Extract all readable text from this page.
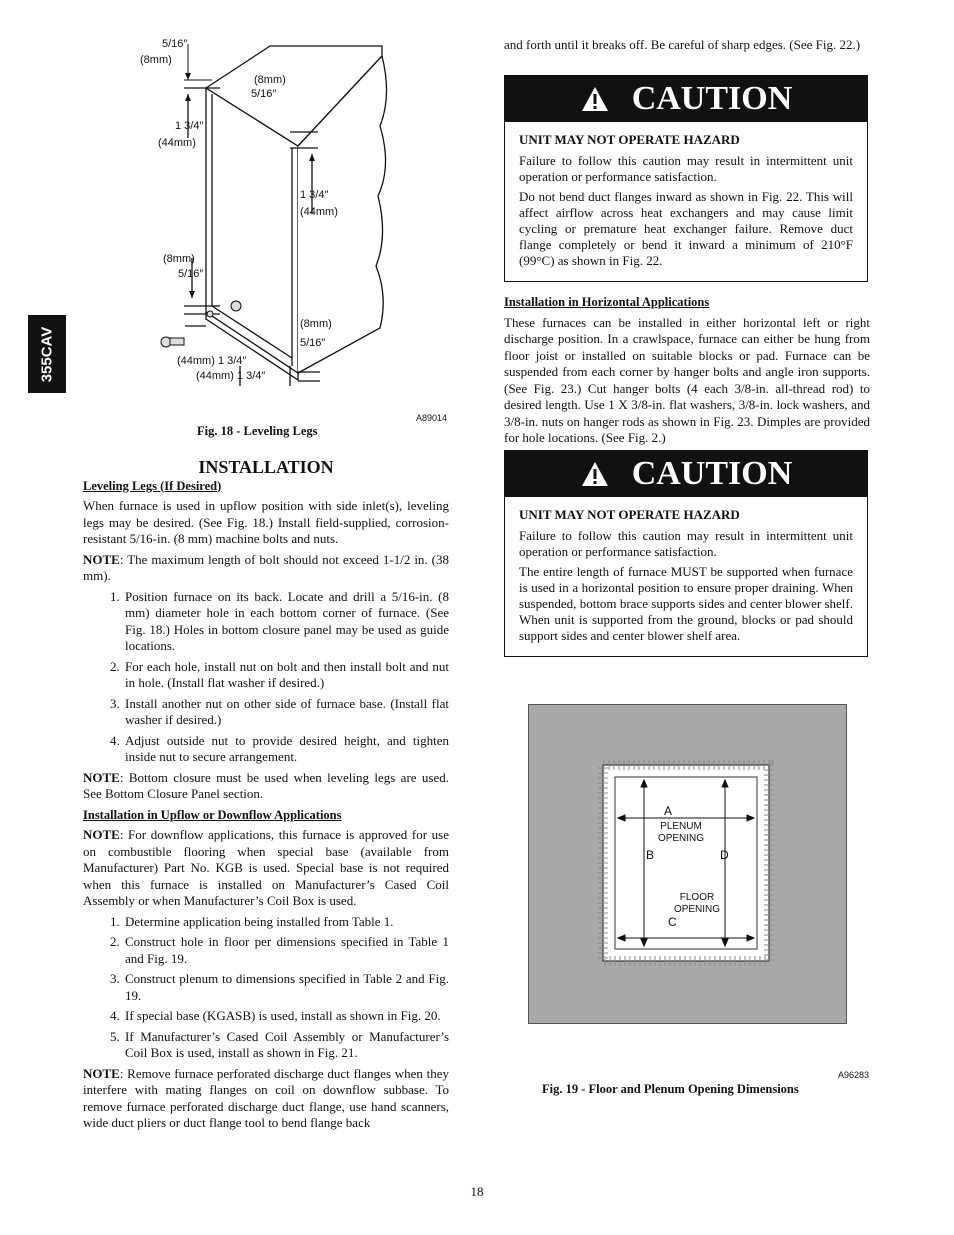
355CAV
5/16″
(8mm)
(8mm)
5/16″
1 3/4″
(44mm)
1 3/4″
(44mm)
(8mm)
5/16″
(8mm)
5/16″
(44mm) 1 3/4″
(44mm) 1 3/4″
A89014
Fig. 18 - Leveling Legs
INSTALLATION
Leveling Legs (If Desired)

When furnace is used in upflow position with side inlet(s), leveling legs may be desired. (See Fig. 18.) Install field-supplied, corrosion-resistant 5/16-in. (8 mm) machine bolts and nuts.

NOTE: The maximum length of bolt should not exceed 1-1/2 in. (38 mm).

1. Position furnace on its back. Locate and drill a 5/16-in. (8 mm) diameter hole in each bottom corner of furnace. (See Fig. 18.) Holes in bottom closure panel may be used as guide locations.
2. For each hole, install nut on bolt and then install bolt and nut in hole. (Install flat washer if desired.)
3. Install another nut on other side of furnace base. (Install flat washer if desired.)
4. Adjust outside nut to provide desired height, and tighten inside nut to secure arrangement.

NOTE: Bottom closure must be used when leveling legs are used. See Bottom Closure Panel section.

Installation in Upflow or Downflow Applications

NOTE: For downflow applications, this furnace is approved for use on combustible flooring when special base (available from Manufacturer) Part No. KGB is used. Special base is not required when this furnace is installed on Manufacturer’s Cased Coil Assembly or when Manufacturer’s Coil Box is used.

1. Determine application being installed from Table 1.
2. Construct hole in floor per dimensions specified in Table 1 and Fig. 19.
3. Construct plenum to dimensions specified in Table 2 and Fig. 19.
4. If special base (KGASB) is used, install as shown in Fig. 20.
5. If Manufacturer’s Cased Coil Assembly or Manufacturer’s Coil Box is used, install as shown in Fig. 21.

NOTE: Remove furnace perforated discharge duct flanges when they interfere with mating flanges on coil on downflow subbase. To remove furnace perforated discharge duct flange, use hand scanners, wide duct pliers or duct flange tool to bend flange back

and forth until it breaks off. Be careful of sharp edges. (See Fig. 22.)

CAUTION

UNIT MAY NOT OPERATE HAZARD

Failure to follow this caution may result in intermittent unit operation or performance satisfaction.

Do not bend duct flanges inward as shown in Fig. 22. This will affect airflow across heat exchangers and may cause limit cycling or premature heat exchanger failure. Remove duct flange completely or bend it inward a minimum of 210°F (99°C) as shown in Fig. 22.

Installation in Horizontal Applications

These furnaces can be installed in either horizontal left or right discharge position. In a crawlspace, furnace can either be hung from floor joist or installed on suitable blocks or pad. Furnace can be suspended from each corner by hanger bolts and angle iron supports. (See Fig. 23.) Cut hanger bolts (4 each 3/8-in. all-thread rod) to desired length. Use 1 X 3/8-in. flat washers, 3/8-in. lock washers, and 3/8-in. nuts on hanger rods as shown in Fig. 23. Dimples are provided for hole locations. (See Fig. 2.)

CAUTION

UNIT MAY NOT OPERATE HAZARD

Failure to follow this caution may result in intermittent unit operation or performance satisfaction.

The entire length of furnace MUST be supported when furnace is used in a horizontal position to ensure proper draining. When suspended, bottom brace supports sides and center blower shelf. When unit is supported from the ground, blocks or pad should support sides and center blower shelf area.

A
PLENUM
OPENING
B	D
FLOOR
OPENING
C
A96283
Fig. 19 - Floor and Plenum Opening Dimensions
18
